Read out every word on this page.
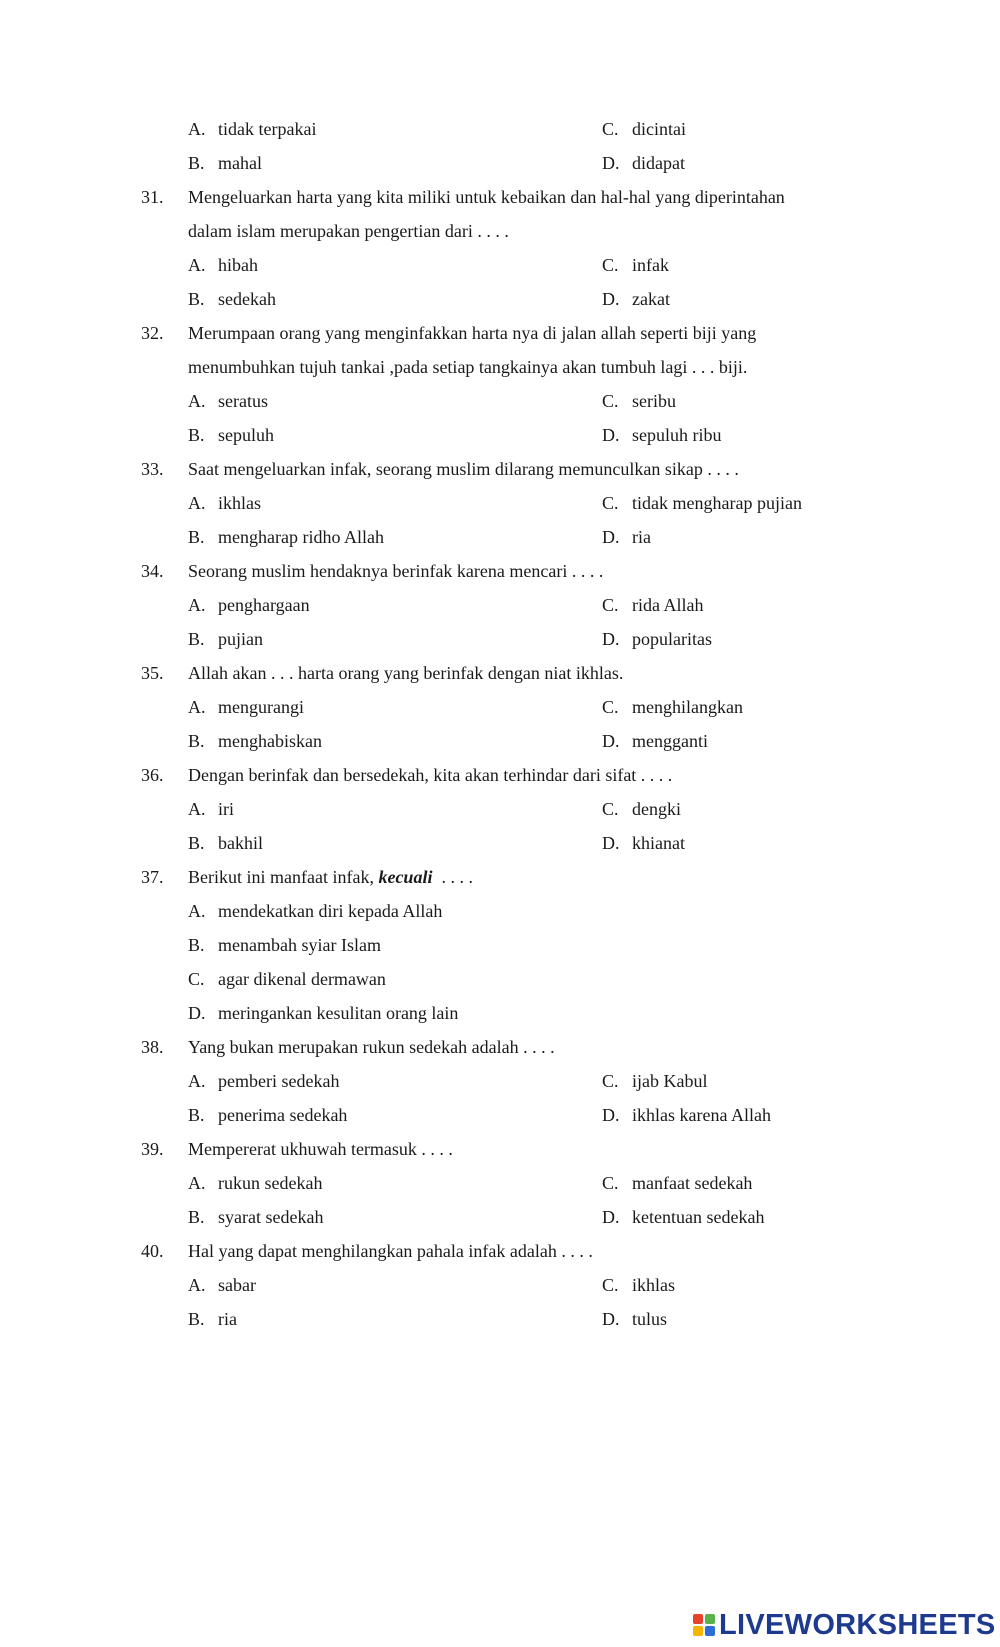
A. tidak terpakai	C. dicintai
B. mahal	D. didapat
31. Mengeluarkan harta yang kita miliki untuk kebaikan dan hal-hal yang diperintahan
dalam islam merupakan pengertian dari . . . .
A. hibah	C. infak
B. sedekah	D. zakat
32. Merumpaan orang yang menginfakkan harta nya di jalan allah seperti biji yang
menumbuhkan tujuh tankai ,pada setiap tangkainya akan tumbuh lagi . . . biji.
A. seratus	C. seribu
B. sepuluh	D. sepuluh ribu
33. Saat mengeluarkan infak, seorang muslim dilarang memunculkan sikap . . . .
A. ikhlas	C. tidak mengharap pujian
B. mengharap ridho Allah	D. ria
34. Seorang muslim hendaknya berinfak karena mencari . . . .
A. penghargaan	C. rida Allah
B. pujian	D. popularitas
35. Allah akan . . . harta orang yang berinfak dengan niat ikhlas.
A. mengurangi	C. menghilangkan
B. menghabiskan	D. mengganti
36. Dengan berinfak dan bersedekah, kita akan terhindar dari sifat . . . .
A. iri	C. dengki
B. bakhil	D. khianat
37. Berikut ini manfaat infak, kecuali  . . . .
A. mendekatkan diri kepada Allah
B. menambah syiar Islam
C. agar dikenal dermawan
D. meringankan kesulitan orang lain
38. Yang bukan merupakan rukun sedekah adalah . . . .
A. pemberi sedekah	C. ijab Kabul
B. penerima sedekah	D. ikhlas karena Allah
39. Mempererat ukhuwah termasuk . . . .
A. rukun sedekah	C. manfaat sedekah
B. syarat sedekah	D. ketentuan sedekah
40. Hal yang dapat menghilangkan pahala infak adalah . . . .
A. sabar	C. ikhlas
B. ria	D. tulus
LIVEWORKSHEETS
